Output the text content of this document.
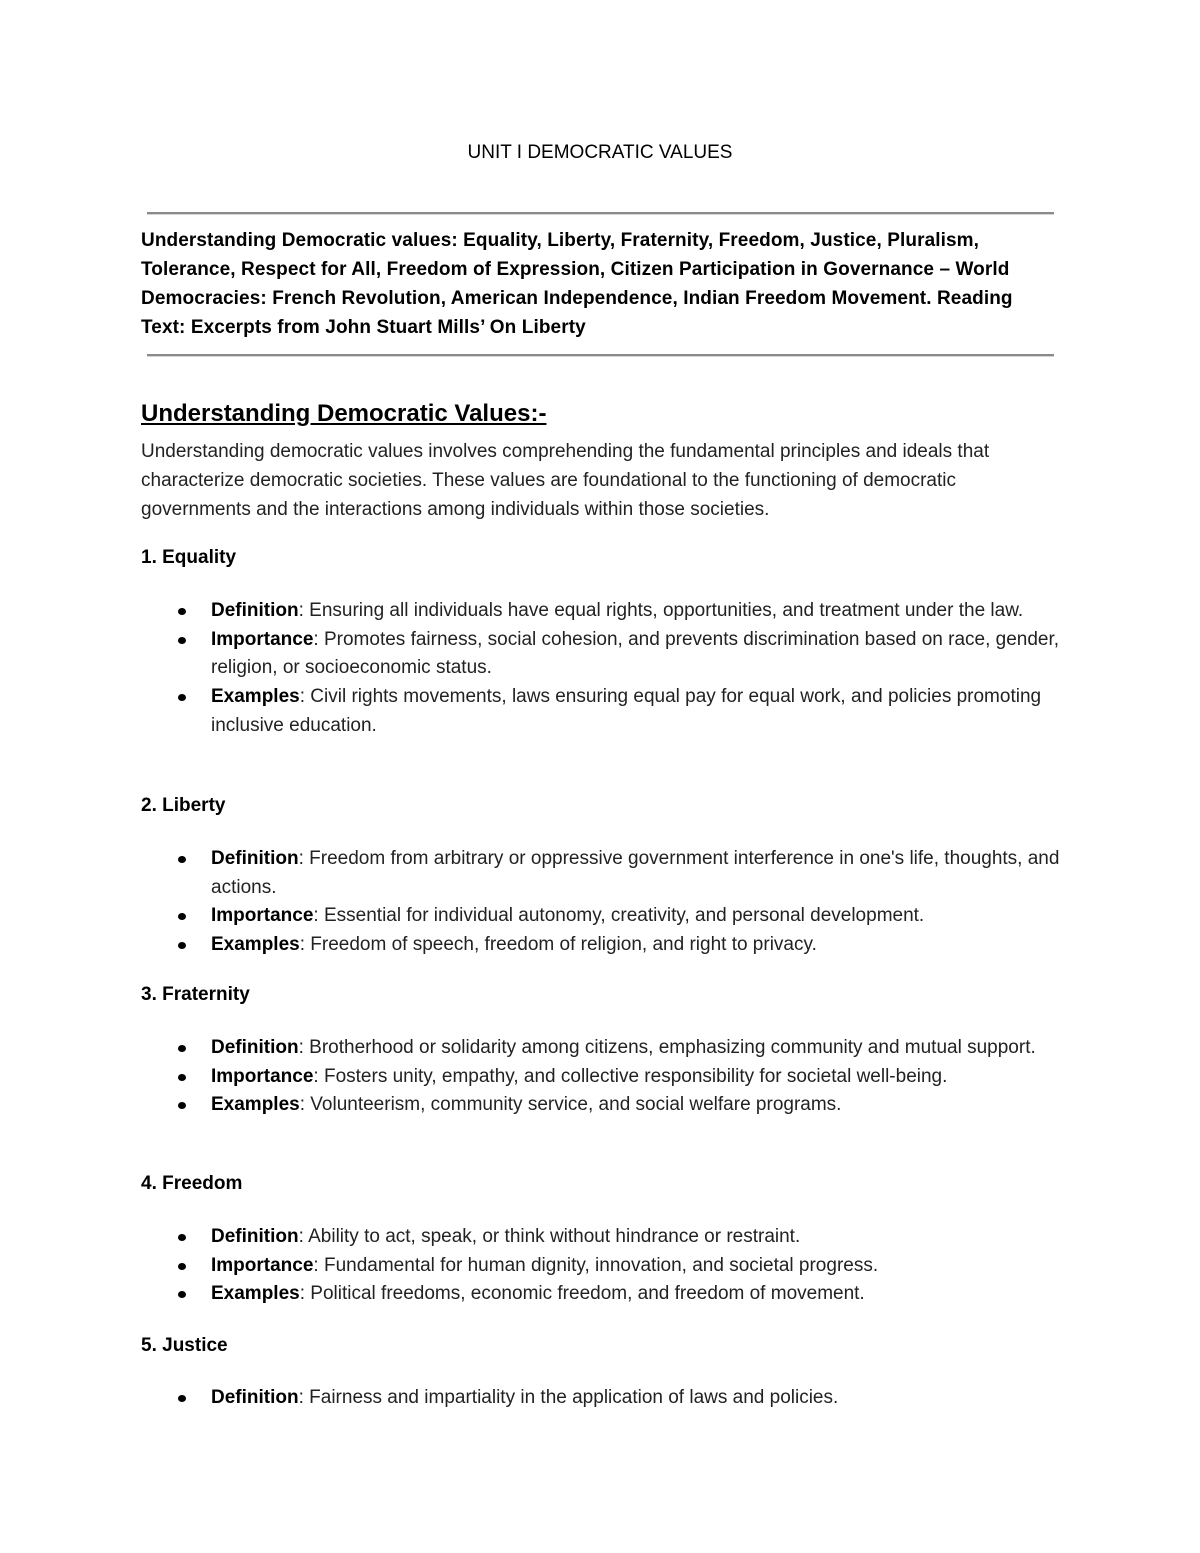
UNIT I DEMOCRATIC VALUES
Understanding Democratic values: Equality, Liberty, Fraternity, Freedom, Justice, Pluralism, Tolerance, Respect for All, Freedom of Expression, Citizen Participation in Governance – World Democracies: French Revolution, American Independence, Indian Freedom Movement. Reading Text: Excerpts from John Stuart Mills’ On Liberty
Understanding Democratic Values:-

Understanding democratic values involves comprehending the fundamental principles and ideals that characterize democratic societies. These values are foundational to the functioning of democratic governments and the interactions among individuals within those societies.

1. Equality
Definition: Ensuring all individuals have equal rights, opportunities, and treatment under the law.
Importance: Promotes fairness, social cohesion, and prevents discrimination based on race, gender, religion, or socioeconomic status.
Examples: Civil rights movements, laws ensuring equal pay for equal work, and policies promoting inclusive education.
2. Liberty
Definition: Freedom from arbitrary or oppressive government interference in one's life, thoughts, and actions.
Importance: Essential for individual autonomy, creativity, and personal development.
Examples: Freedom of speech, freedom of religion, and right to privacy.
3. Fraternity
Definition: Brotherhood or solidarity among citizens, emphasizing community and mutual support.
Importance: Fosters unity, empathy, and collective responsibility for societal well-being.
Examples: Volunteerism, community service, and social welfare programs.
4. Freedom
Definition: Ability to act, speak, or think without hindrance or restraint.
Importance: Fundamental for human dignity, innovation, and societal progress.
Examples: Political freedoms, economic freedom, and freedom of movement.
5. Justice
Definition: Fairness and impartiality in the application of laws and policies.
